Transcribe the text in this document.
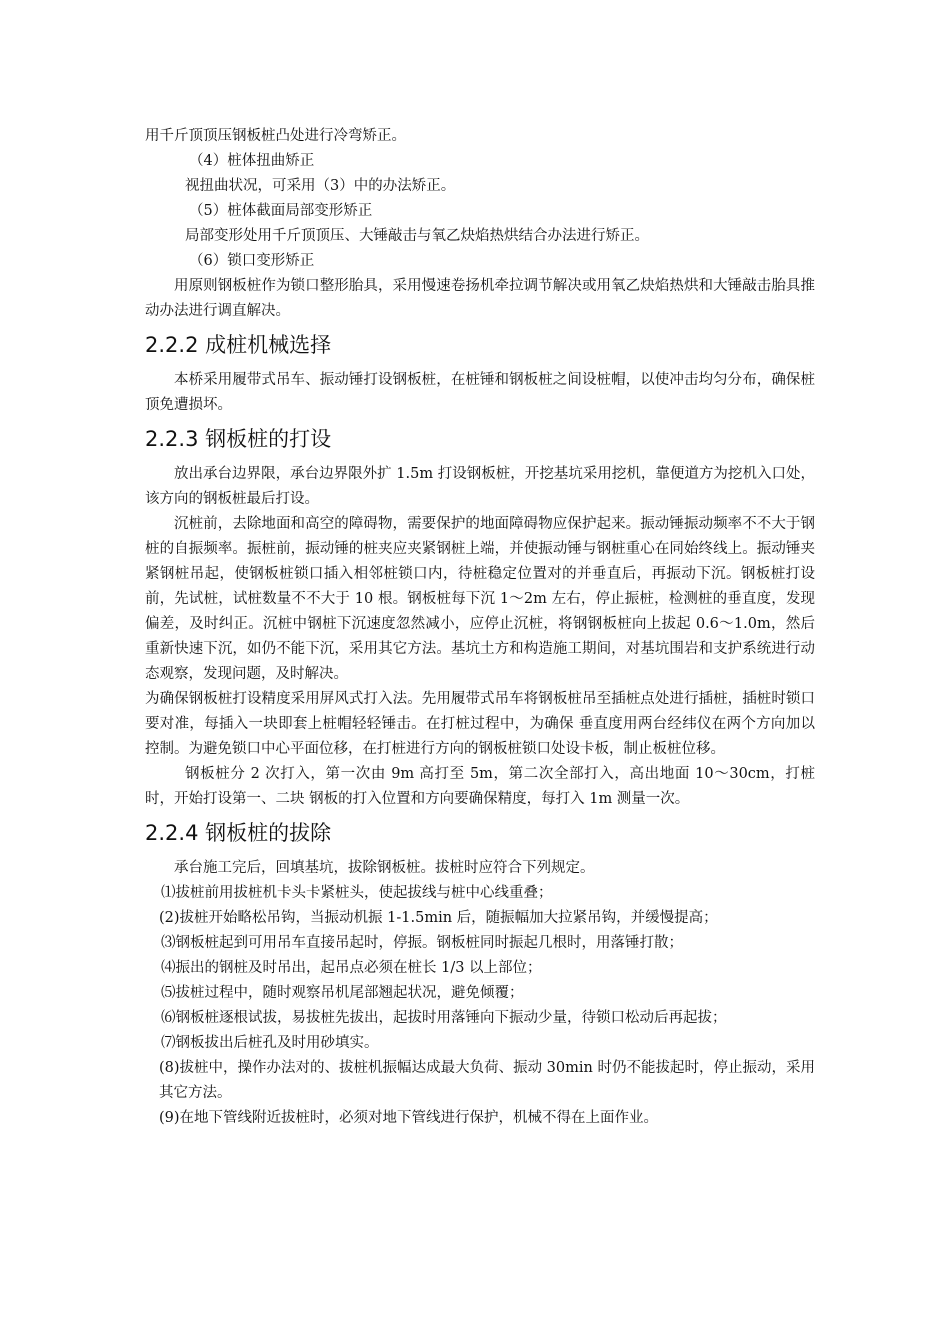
用千斤顶顶压钢板桩凸处进行冷弯矫正。

（4）桩体扭曲矫正

视扭曲状况，可采用（3）中的办法矫正。

（5）桩体截面局部变形矫正

局部变形处用千斤顶顶压、大锤敲击与氧乙炔焰热烘结合办法进行矫正。

（6）锁口变形矫正

用原则钢板桩作为锁口整形胎具，采用慢速卷扬机牵拉调节解决或用氧乙炔焰热烘和大锤敲击胎具推动办法进行调直解决。

2.2.2 成桩机械选择

本桥采用履带式吊车、振动锤打设钢板桩，在桩锤和钢板桩之间设桩帽，以使冲击均匀分布，确保桩顶免遭损坏。

2.2.3 钢板桩的打设

放出承台边界限，承台边界限外扩 1.5m 打设钢板桩，开挖基坑采用挖机，靠便道方为挖机入口处，该方向的钢板桩最后打设。

沉桩前，去除地面和高空的障碍物，需要保护的地面障碍物应保护起来。振动锤振动频率不不大于钢桩的自振频率。振桩前，振动锤的桩夹应夹紧钢桩上端，并使振动锤与钢桩重心在同始终线上。振动锤夹紧钢桩吊起，使钢板桩锁口插入相邻桩锁口内，待桩稳定位置对的并垂直后，再振动下沉。钢板桩打设前，先试桩，试桩数量不不大于 10 根。钢板桩每下沉 1～2m 左右，停止振桩，检测桩的垂直度，发现偏差，及时纠正。沉桩中钢桩下沉速度忽然减小，应停止沉桩，将钢钢板桩向上拔起 0.6～1.0m，然后重新快速下沉，如仍不能下沉，采用其它方法。基坑土方和构造施工期间，对基坑围岩和支护系统进行动态观察，发现问题，及时解决。

为确保钢板桩打设精度采用屏风式打入法。先用履带式吊车将钢板桩吊至插桩点处进行插桩，插桩时锁口要对准，每插入一块即套上桩帽轻轻锤击。在打桩过程中，为确保 垂直度用两台经纬仪在两个方向加以控制。为避免锁口中心平面位移，在打桩进行方向的钢板桩锁口处设卡板，制止板桩位移。

钢板桩分 2 次打入，第一次由 9m 高打至 5m，第二次全部打入，高出地面 10～30cm，打桩时，开始打设第一、二块 钢板的打入位置和方向要确保精度，每打入 1m 测量一次。

2.2.4 钢板桩的拔除

承台施工完后，回填基坑，拔除钢板桩。拔桩时应符合下列规定。

⑴拔桩前用拔桩机卡头卡紧桩头，使起拔线与桩中心线重叠；

(2)拔桩开始略松吊钩，当振动机振 1-1.5min 后，随振幅加大拉紧吊钩，并缓慢提高；

⑶钢板桩起到可用吊车直接吊起时，停振。钢板桩同时振起几根时，用落锤打散；

⑷振出的钢桩及时吊出，起吊点必须在桩长 1/3 以上部位；

⑸拔桩过程中，随时观察吊机尾部翘起状况，避免倾覆；

⑹钢板桩逐根试拔，易拔桩先拔出，起拔时用落锤向下振动少量，待锁口松动后再起拔；

⑺钢板拔出后桩孔及时用砂填实。

(8)拔桩中，操作办法对的、拔桩机振幅达成最大负荷、振动 30min 时仍不能拔起时，停止振动，采用其它方法。

(9)在地下管线附近拔桩时，必须对地下管线进行保护，机械不得在上面作业。
